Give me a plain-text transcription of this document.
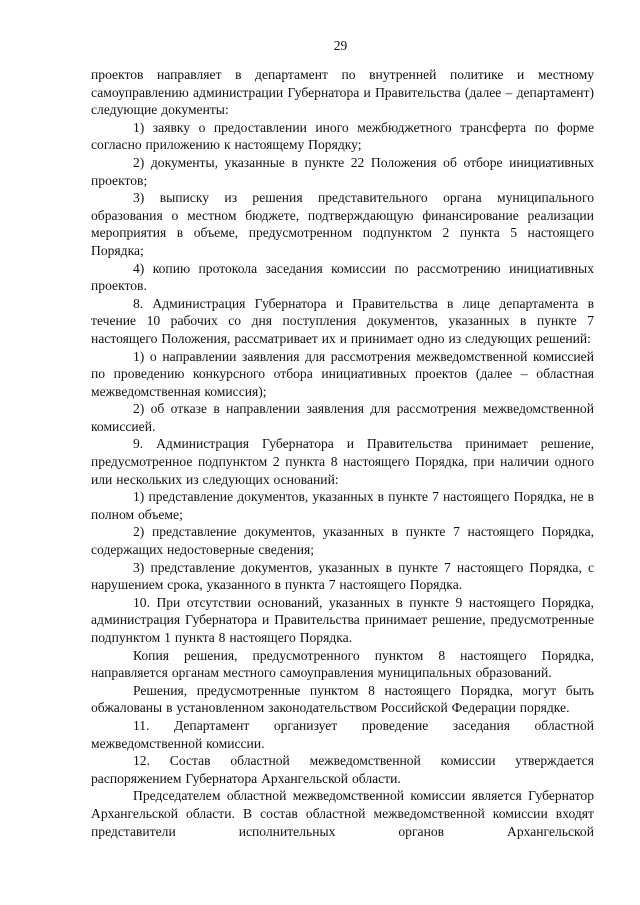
29

проектов направляет в департамент по внутренней политике и местному самоуправлению администрации Губернатора и Правительства (далее – департамент) следующие документы:

1) заявку о предоставлении иного межбюджетного трансферта по форме согласно приложению к настоящему Порядку;

2) документы, указанные в пункте 22 Положения об отборе инициативных проектов;

3) выписку из решения представительного органа муниципального образования о местном бюджете, подтверждающую финансирование реализации мероприятия в объеме, предусмотренном подпунктом 2 пункта 5 настоящего Порядка;

4) копию протокола заседания комиссии по рассмотрению инициативных проектов.

8. Администрация Губернатора и Правительства в лице департамента в течение 10 рабочих со дня поступления документов, указанных в пункте 7 настоящего Положения, рассматривает их и принимает одно из следующих решений:

1) о направлении заявления для рассмотрения межведомственной комиссией по проведению конкурсного отбора инициативных проектов (далее – областная межведомственная комиссия);

2) об отказе в направлении заявления для рассмотрения межведомственной комиссией.

9. Администрация Губернатора и Правительства принимает решение, предусмотренное подпунктом 2 пункта 8 настоящего Порядка, при наличии одного или нескольких из следующих оснований:

1) представление документов, указанных в пункте 7 настоящего Порядка, не в полном объеме;

2) представление документов, указанных в пункте 7 настоящего Порядка, содержащих недостоверные сведения;

3) представление документов, указанных в пункте 7 настоящего Порядка, с нарушением срока, указанного в пункта 7 настоящего Порядка.

10. При отсутствии оснований, указанных в пункте 9 настоящего Порядка, администрация Губернатора и Правительства принимает решение, предусмотренные подпунктом 1 пункта 8 настоящего Порядка.

Копия решения, предусмотренного пунктом 8 настоящего Порядка, направляется органам местного самоуправления муниципальных образований.

Решения, предусмотренные пунктом 8 настоящего Порядка, могут быть обжалованы в установленном законодательством Российской Федерации порядке.

11. Департамент организует проведение заседания областной межведомственной комиссии.

12. Состав областной межведомственной комиссии утверждается распоряжением Губернатора Архангельской области.

Председателем областной межведомственной комиссии является Губернатор Архангельской области. В состав областной межведомственной комиссии входят представители исполнительных органов Архангельской
